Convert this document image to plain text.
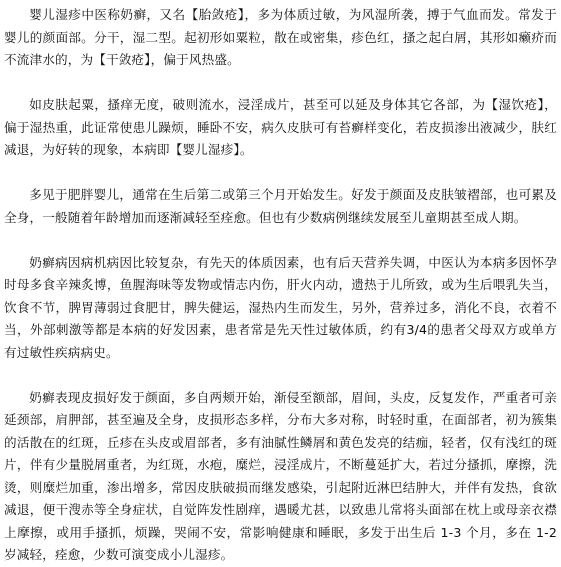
婴儿湿疹中医称奶癣，又名【胎敛疮】，多为体质过敏，为风湿所袭，搏于气血而发。常发于婴儿的颜面部。分干，湿二型。起初形如粟粒，散在或密集，疹色红，搔之起白屑，其形如癞疥而不流津水的，为【干敛疮】，偏于风热盛。

如皮肤起粟，搔痒无度，破则流水，浸淫成片，甚至可以延及身体其它各部，为【湿饮疮】，偏于湿热重，此证常使患儿躁烦，睡卧不安，病久皮肤可有苔癣样变化，若皮损渗出液减少，肤红减退，为好转的现象，本病即【婴儿湿疹】。

多见于肥胖婴儿，通常在生后第二或第三个月开始发生。好发于颜面及皮肤皱褶部，也可累及全身，一般随着年龄增加而逐渐减轻至痊愈。但也有少数病例继续发展至儿童期甚至成人期。

奶癣病因病机病因比较复杂，有先天的体质因素，也有后天营养失调，中医认为本病多因怀孕时母多食辛辣炙博，鱼腥海味等发物或情志内伤，肝火内动，遗热于儿所致，或为生后喂乳失当，饮食不节，脾胃薄弱过食肥甘，脾失健运，湿热内生而发生，另外，营养过多，消化不良，衣着不当，外部刺激等都是本病的好发因素，患者常是先天性过敏体质，约有3/4的患者父母双方或单方有过敏性疾病病史。

奶癣表现皮损好发于颜面，多自两颊开始，渐侵至额部，眉间，头皮，反复发作，严重者可亲延颈部，肩胛部，甚至遍及全身，皮损形态多样，分布大多对称，时轻时重，在面部者，初为簇集的活散在的红斑，丘疹在头皮或眉部者，多有油腻性鳞屑和黄色发亮的结痂，轻者，仅有浅红的斑片，伴有少量脱屑重者，为红斑，水疱，糜烂，浸淫成片，不断蔓延扩大，若过分搔抓，摩擦，洗烫，则糜烂加重，渗出增多，常因皮肤破损而继发感染，引起附近淋巴结肿大，并伴有发热，食欲减退，便干溲赤等全身症状，自觉阵发性剧痒，遇暖尤甚，以致患儿常将头面部在枕上或母亲衣襟上摩擦，或用手搔抓，烦躁，哭闹不安，常影响健康和睡眠，多发于出生后 1-3 个月，多在 1-2 岁减轻，痊愈，少数可演变成小儿湿疹。
